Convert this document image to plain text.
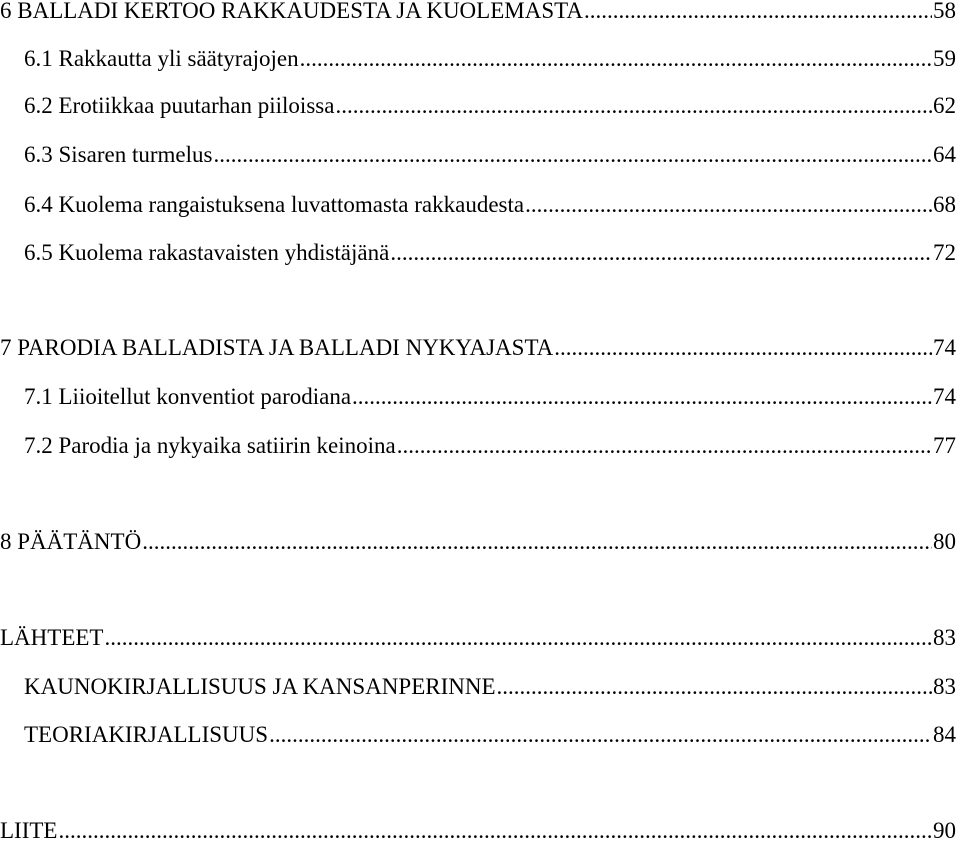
6 BALLADI KERTOO RAKKAUDESTA JA KUOLEMASTA .....	58
6.1 Rakkautta yli säätyrajojen .....	59
6.2 Erotiikkaa puutarhan piiloissa .....	62
6.3 Sisaren turmelus .....	64
6.4 Kuolema rangaistuksena luvattomasta rakkaudesta .....	68
6.5 Kuolema rakastavaisten yhdistäjänä .....	72
7 PARODIA BALLADISTA JA BALLADI NYKYAJASTA .....	74
7.1 Liioitellut konventiot parodiana .....	74
7.2 Parodia ja nykyaika satiirin keinoina .....	77
8 PÄÄTÄNTÖ .....	80
LÄHTEET .....	83
KAUNOKIRJALLISUUS JA KANSANPERINNE .....	83
TEORIAKIRJALLISUUS .....	84
LIITE .....	90
